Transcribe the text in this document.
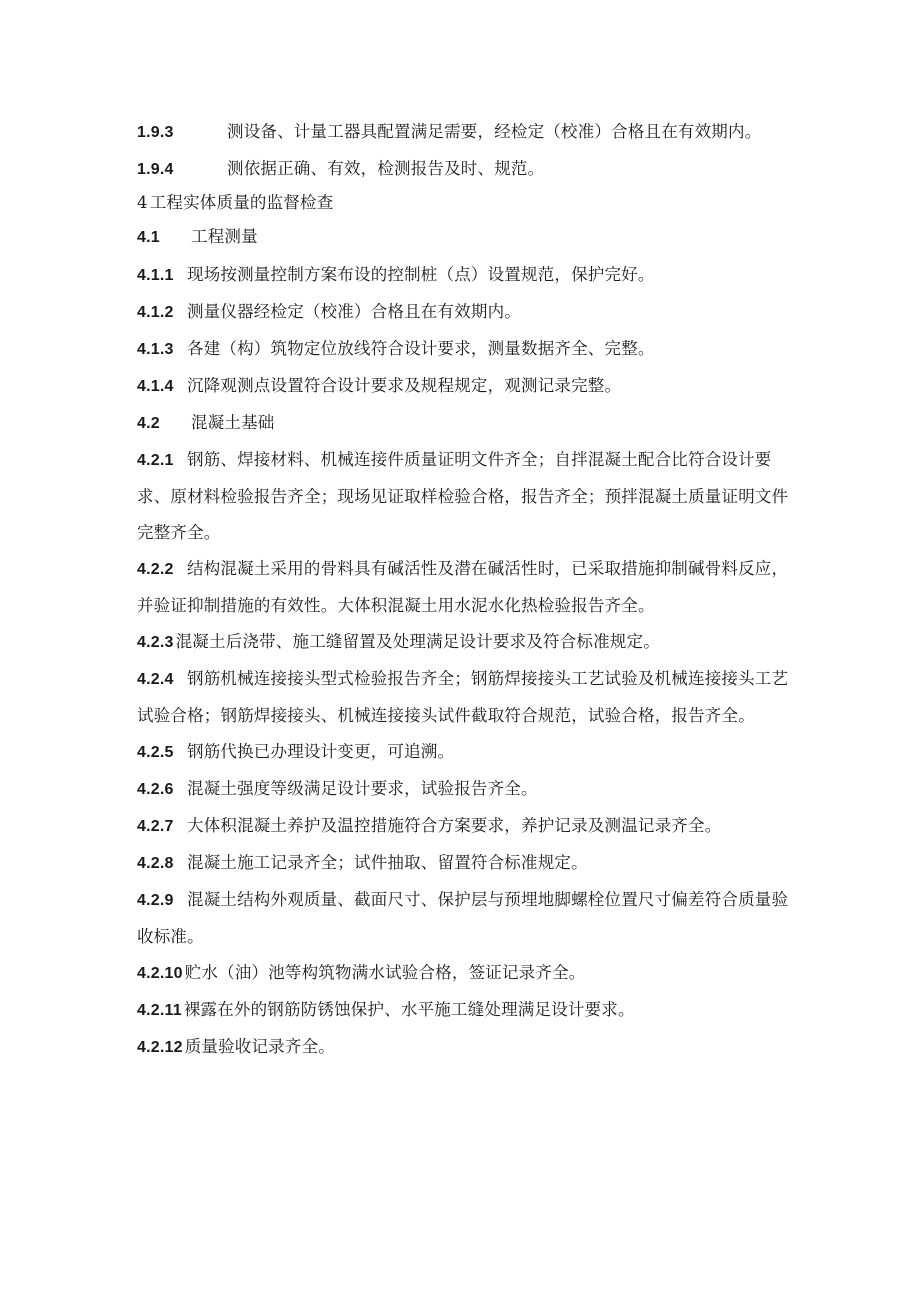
1.9.3	测设备、计量工器具配置满足需要，经检定（校准）合格且在有效期内。

1.9.4	测依据正确、有效，检测报告及时、规范。

4 工程实体质量的监督检查

4.1 工程测量

4.1.1 现场按测量控制方案布设的控制桩（点）设置规范，保护完好。

4.1.2 测量仪器经检定（校准）合格且在有效期内。

4.1.3 各建（构）筑物定位放线符合设计要求，测量数据齐全、完整。

4.1.4 沉降观测点设置符合设计要求及规程规定，观测记录完整。

4.2 混凝土基础

4.2.1 钢筋、焊接材料、机械连接件质量证明文件齐全；自拌混凝土配合比符合设计要求、原材料检验报告齐全；现场见证取样检验合格，报告齐全；预拌混凝土质量证明文件完整齐全。

4.2.2 结构混凝土采用的骨料具有碱活性及潜在碱活性时，已采取措施抑制碱骨料反应，并验证抑制措施的有效性。大体积混凝土用水泥水化热检验报告齐全。

4.2.3 混凝土后浇带、施工缝留置及处理满足设计要求及符合标准规定。

4.2.4 钢筋机械连接接头型式检验报告齐全；钢筋焊接接头工艺试验及机械连接接头工艺试验合格；钢筋焊接接头、机械连接接头试件截取符合规范，试验合格，报告齐全。

4.2.5 钢筋代换已办理设计变更，可追溯。

4.2.6 混凝土强度等级满足设计要求，试验报告齐全。

4.2.7 大体积混凝土养护及温控措施符合方案要求，养护记录及测温记录齐全。

4.2.8 混凝土施工记录齐全；试件抽取、留置符合标准规定。

4.2.9 混凝土结构外观质量、截面尺寸、保护层与预埋地脚螺栓位置尺寸偏差符合质量验收标准。

4.2.10 贮水（油）池等构筑物满水试验合格，签证记录齐全。

4.2.11 裸露在外的钢筋防锈蚀保护、水平施工缝处理满足设计要求。

4.2.12 质量验收记录齐全。
